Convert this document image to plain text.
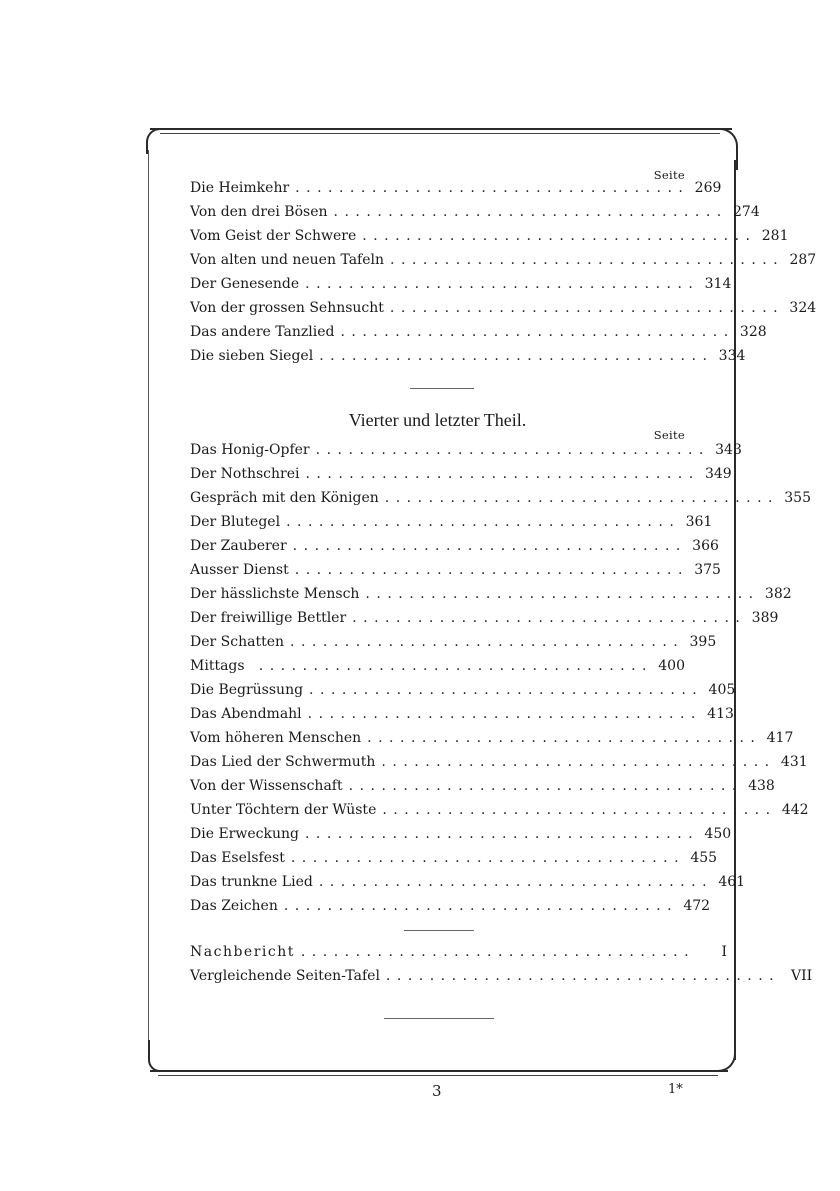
Seite
Die Heimkehr .................................... 269
Von den drei Bösen .................................... 274
Vom Geist der Schwere .................................... 281
Von alten und neuen Tafeln .................................... 287
Der Genesende .................................... 314
Von der grossen Sehnsucht .................................... 324
Das andere Tanzlied .................................... 328
Die sieben Siegel .................................... 334
Vierter und letzter Theil.
Seite
Das Honig-Opfer .................................... 343
Der Nothschrei .................................... 349
Gespräch mit den Königen .................................... 355
Der Blutegel .................................... 361
Der Zauberer .................................... 366
Ausser Dienst .................................... 375
Der hässlichste Mensch .................................... 382
Der freiwillige Bettler .................................... 389
Der Schatten .................................... 395
Mittags	.................................... 400
Die Begrüssung .................................... 405
Das Abendmahl .................................... 413
Vom höheren Menschen .................................... 417
Das Lied der Schwermuth .................................... 431
Von der Wissenschaft .................................... 438
Unter Töchtern der Wüste .................................... 442
Die Erweckung .................................... 450
Das Eselsfest .................................... 455
Das trunkne Lied .................................... 461
Das Zeichen .................................... 472
Nachbericht ....................................	I
Vergleichende Seiten-Tafel .................................... VII
3	1*
